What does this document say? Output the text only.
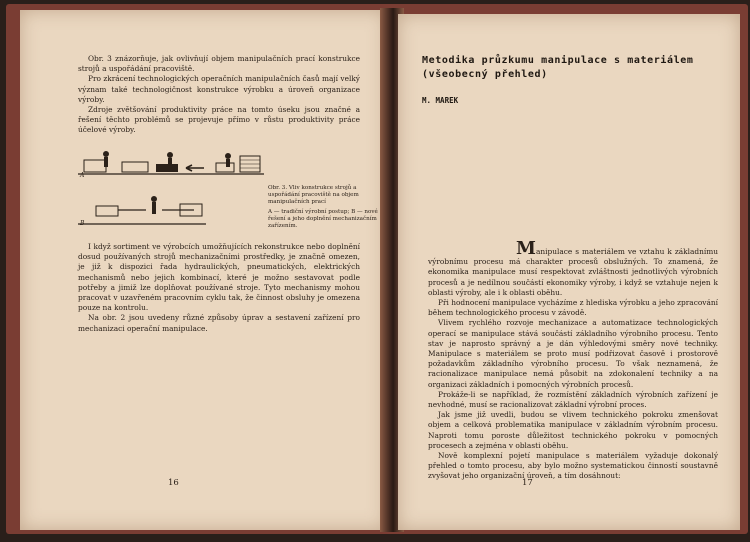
Obr. 3 znázorňuje, jak ovlivňují objem manipulačních prací konstrukce strojů a uspořádání pracoviště.

Pro zkrácení technologických operačních manipulačních časů mají velký význam také technologičnost konstrukce výrobku a úroveň organizace výroby.

Zdroje zvětšování produktivity práce na tomto úseku jsou značné a řešení těchto problémů se projevuje přímo v růstu produktivity práce účelové výroby.

A
B
Obr. 3. Vliv konstrukce strojů a uspořádání pracoviště na objem manipulačních prací
A — tradiční výrobní postup; B — nové řešení a jeho doplnění mechanizačním zařízením.

I když sortiment ve výrobcích umožňujících rekonstrukce nebo doplnění dosud používaných strojů mechanizačními prostředky, je značně omezen, je již k dispozici řada hydraulických, pneumatických, elektrických mechanismů nebo jejich kombinací, které je možno sestavovat podle potřeby a jimiž lze doplňovat používané stroje. Tyto mechanismy mohou pracovat v uzavřeném pracovním cyklu tak, že činnost obsluhy je omezena pouze na kontrolu.

Na obr. 2 jsou uvedeny různé způsoby úprav a sestavení zařízení pro mechanizaci operační manipulace.

16
Metodika průzkumu manipulace s materiálem
(všeobecný přehled)
M. MAREK

Manipulace s materiálem ve vztahu k základnímu výrobnímu procesu má charakter procesů obslužných. To znamená, že ekonomika manipulace musí respektovat zvláštnosti jednotlivých výrobních procesů a je nedílnou součástí ekonomiky výroby, i když se vztahuje nejen k oblasti výroby, ale i k oblasti oběhu.

Při hodnocení manipulace vycházíme z hlediska výrobku a jeho zpracování během technologického procesu v závodě.

Vlivem rychlého rozvoje mechanizace a automatizace technologických operací se manipulace stává součástí základního výrobního procesu. Tento stav je naprosto správný a je dán výhledovými směry nové techniky. Manipulace s materiálem se proto musí podřizovat časově i prostorově požadavkům základního výrobního procesu. To však neznamená, že racionalizace manipulace nemá působit na zdokonalení techniky a na organizaci základních i pomocných výrobních procesů.

Prokáže-li se například, že rozmístění základních výrobních zařízení je nevhodné, musí se racionalizovat základní výrobní proces.

Jak jsme již uvedli, budou se vlivem technického pokroku zmenšovat objem a celková problematika manipulace v základním výrobním procesu. Naproti tomu poroste důležitost technického pokroku v pomocných procesech a zejména v oblasti oběhu.

Nově komplexní pojetí manipulace s materiálem vyžaduje dokonalý přehled o tomto procesu, aby bylo možno systematickou činností soustavně zvyšovat jeho organizační úroveň, a tím dosáhnout:

17
